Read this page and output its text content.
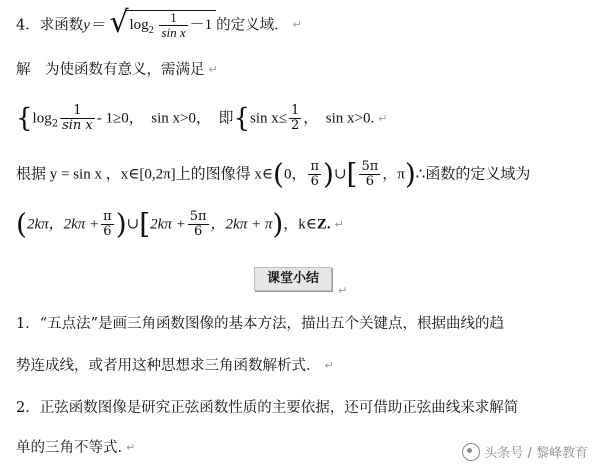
4．求函数y＝ √ $\log_2 \frac{1}{\text{sin x}} -1$ 的定义域． ↵
解　为使函数有意义，需满足 ↵
{$\log_2 \frac{1}{\text{sin x}} - 1\ge 0$，　sin x>0，　即{sin $x\le \frac{1}{2}$ ，　sin x>0. ↵
根据 y = sin x ，x∈[0,2π]上的图像得 x∈(0， $\frac{\pi}{6}$ )∪[ $\frac{5\pi}{6}$ ，π)∴函数的定义域为
(2kπ，$2k\pi + \frac{\pi}{6}$ )∪[2kπ + $\frac{5\pi}{6}$ ，2kπ + π)，k∈Z. ↵
课堂小结
↵
1．“五点法”是画三角函数图像的基本方法，描出五个关键点，根据曲线的趋
势连成线，或者用这种思想求三角函数解析式． ↵
2．正弦函数图像是研究正弦函数性质的主要依据，还可借助正弦曲线来求解简
单的三角不等式. ↵	头条号 / 黎峰教育
